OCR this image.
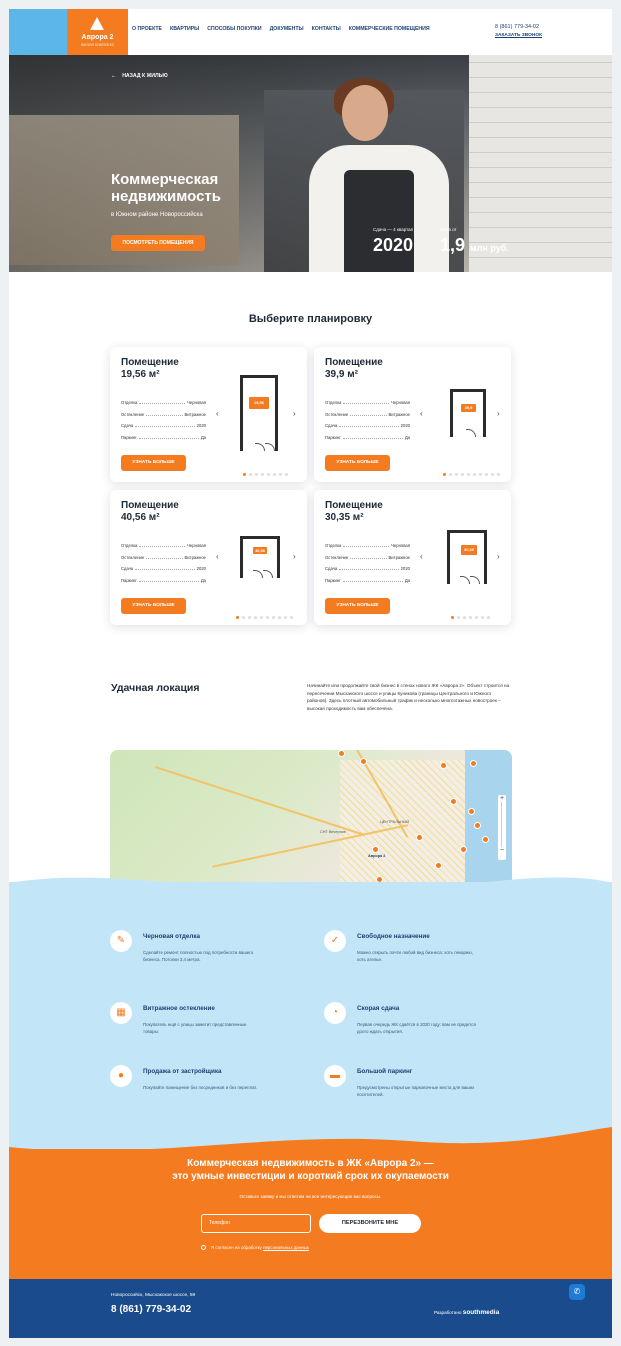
Аврора 2
ЖИЛОЙ КОМПЛЕКС
О ПРОЕКТЕ КВАРТИРЫ СПОСОБЫ ПОКУПКИ ДОКУМЕНТЫ КОНТАКТЫ КОММЕРЧЕСКИЕ ПОМЕЩЕНИЯ	8 (861) 779-34-02
ЗАКАЗАТЬ ЗВОНОК
← НАЗАД К ЖИЛЬЮ
Коммерческая недвижимость
в Южном районе Новороссийска
ПОСМОТРЕТЬ ПОМЕЩЕНИЯ
Сдача — 4 квартал
2020
Цена от
1,9 млн руб.
Выберите планировку
Помещение
19,56 м²
Отделка	Черновая
Остекление	Витражное
Сдача	2020
Паркинг	Да
УЗНАТЬ БОЛЬШЕ
‹	›
19,56
Помещение
39,9 м²
Отделка	Черновая
Остекление	Витражное
Сдача	2020
Паркинг	Да
УЗНАТЬ БОЛЬШЕ
‹	›
39,9
Помещение
40,56 м²
Отделка	Черновая
Остекление	Витражное
Сдача	2020
Паркинг	Да
УЗНАТЬ БОЛЬШЕ
‹	›
40,56
Помещение
30,35 м²
Отделка	Черновая
Остекление	Витражное
Сдача	2020
Паркинг	Да
УЗНАТЬ БОЛЬШЕ
‹	›
30,35
Удачная локация	Начинайте или продолжайте свой бизнес в стенах нового ЖК «Аврора 2». Объект строится на пересечении Мысхакского шоссе и улицы Куникова (границы Центрального и Южного районов). Здесь плотный автомобильный трафик и несколько многоэтажных новостроек – высокая проходимость вам обеспечена.
ЦЕНТРАЛЬНЫЙ
Аврора 2
СНТ Вечерние
+
−
✎	Черновая отделка
Сделайте ремонт полностью под потребности вашего бизнеса. Потолки 3,4 метра.
✓	Свободное назначение
Можно открыть почти любой вид бизнеса: хоть пекарню, хоть ателье.
▦	Витражное остекление
Покупатель ещё с улицы заметит представленные товары.
◔	Скорая сдача
Первая очередь ЖК сдаётся в 2020 году: вам не придется долго ждать открытия.
●	Продажа от застройщика
Покупайте помещение без посредников и без переплат.
▬	Большой паркинг
Предусмотрены открытые парковочные места для ваших посетителей.
Коммерческая недвижимость в ЖК «Аврора 2» —
это умные инвестиции и короткий срок их окупаемости
Оставьте заявку и мы ответим на все интересующие вас вопросы.
Телефон	ПЕРЕЗВОНИТЕ МНЕ
Я согласен на обработку персональных данных
Новороссийск, Мысхакское шоссе, 59
8 (861) 779-34-02	Разработано southmedia
✆
